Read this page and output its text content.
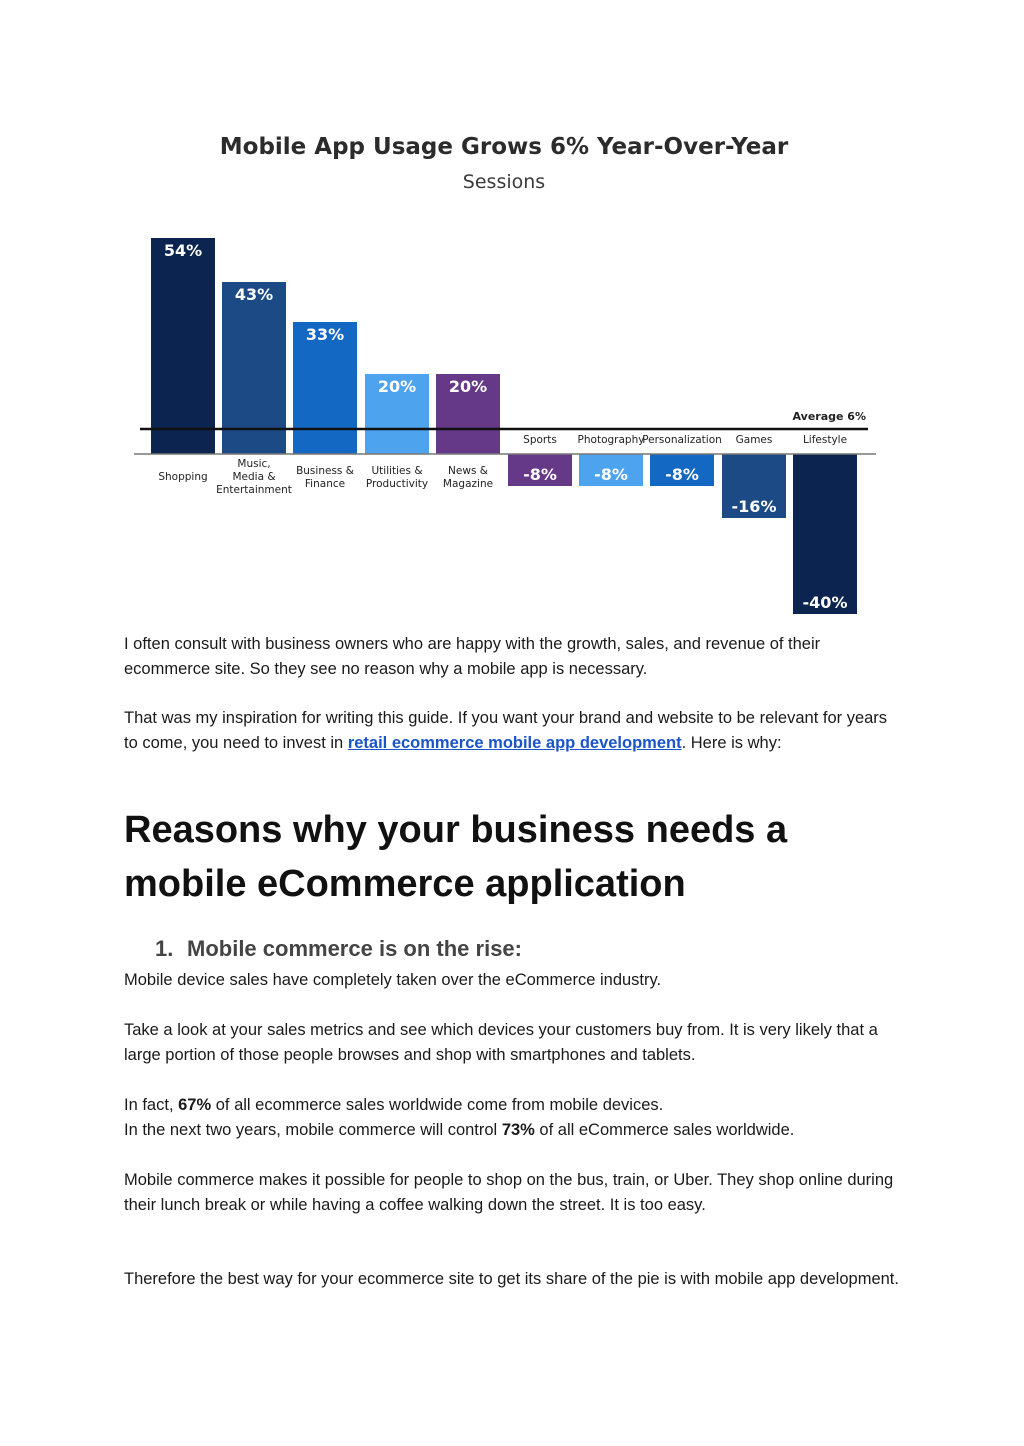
Mobile App Usage Grows 6% Year-Over-Year
Sessions
54%
Shopping
43%
Music, Media & Entertainment
33%
Business & Finance
20%
Utilities & Productivity
20%
News & Magazine -8%
Sports
-8%
Photography
-8%
Personalization
-16%
Games
-40%
Lifestyle
Average 6%

I often consult with business owners who are happy with the growth, sales, and revenue of their ecommerce site. So they see no reason why a mobile app is necessary.

That was my inspiration for writing this guide. If you want your brand and website to be relevant for years to come, you need to invest in retail ecommerce mobile app development. Here is why:

Reasons why your business needs a mobile eCommerce application
1. Mobile commerce is on the rise:

Mobile device sales have completely taken over the eCommerce industry.

Take a look at your sales metrics and see which devices your customers buy from. It is very likely that a large portion of those people browses and shop with smartphones and tablets.

In fact, 67% of all ecommerce sales worldwide come from mobile devices.
In the next two years, mobile commerce will control 73% of all eCommerce sales worldwide.

Mobile commerce makes it possible for people to shop on the bus, train, or Uber. They shop online during their lunch break or while having a coffee walking down the street. It is too easy.

Therefore the best way for your ecommerce site to get its share of the pie is with mobile app development.
